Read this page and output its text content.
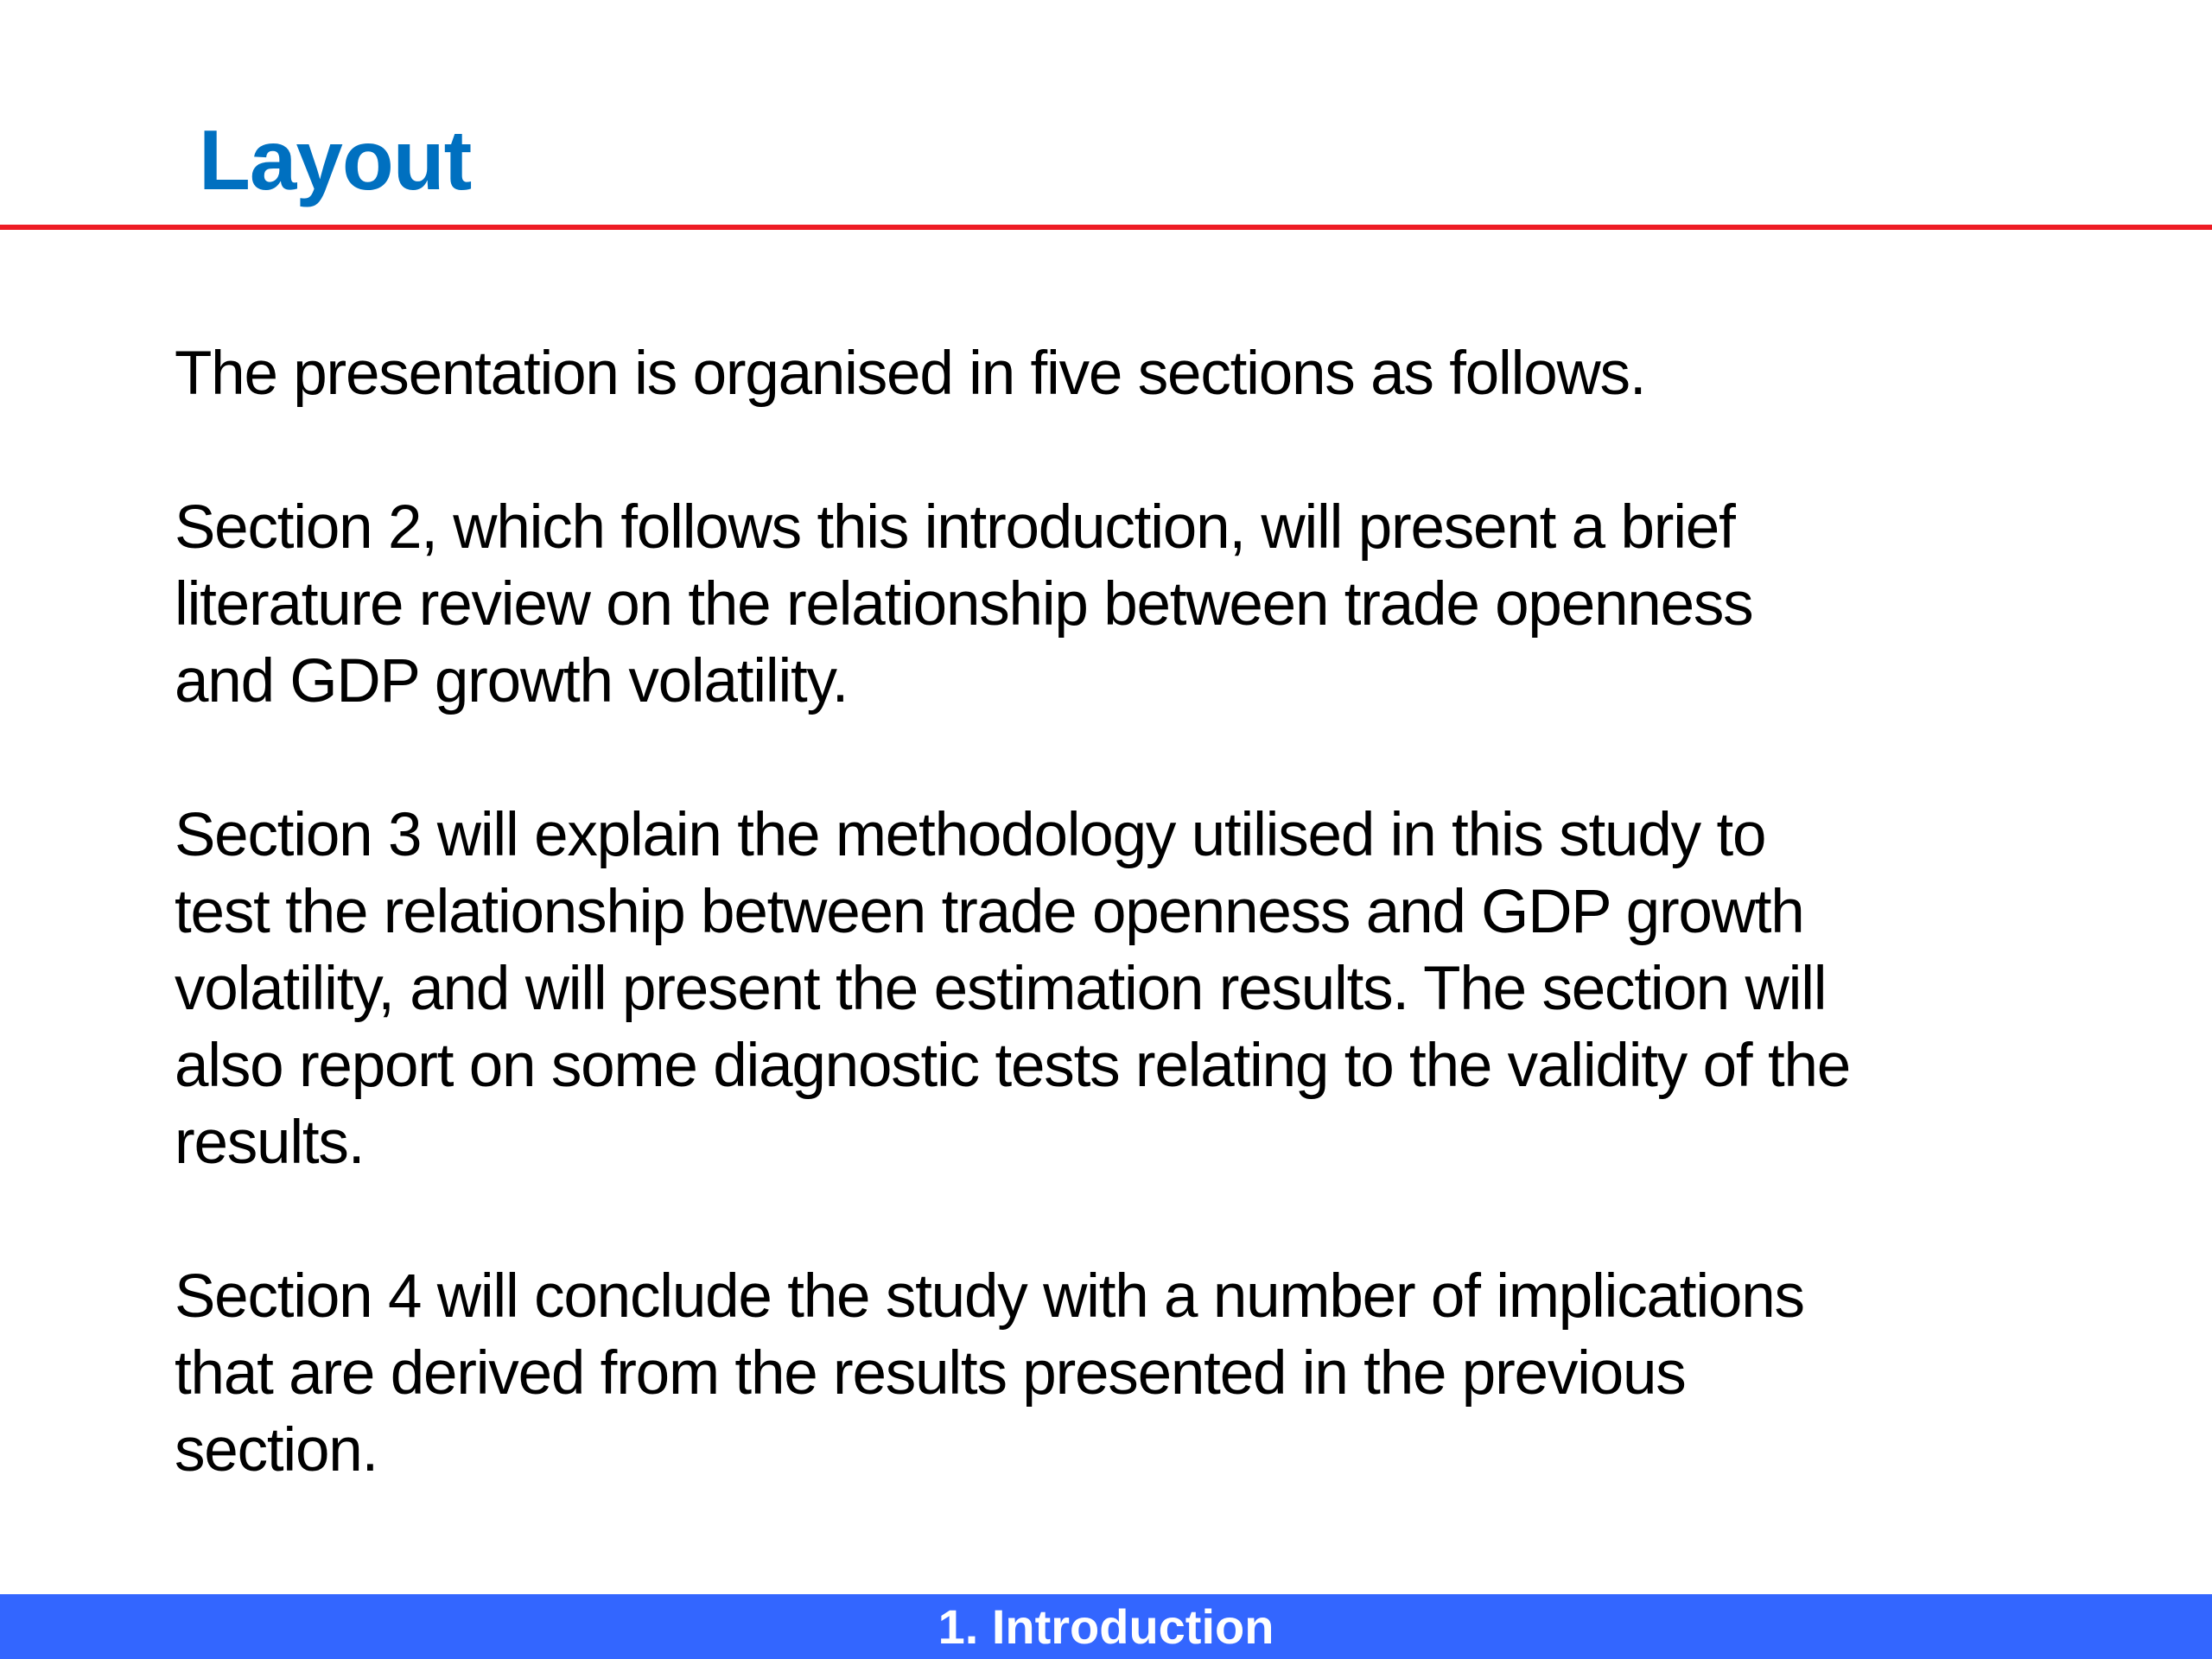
Layout

The presentation is organised in five sections as follows.

Section 2, which follows this introduction, will present a brief
literature review on the relationship between trade openness
and GDP growth volatility.

Section 3 will explain the methodology utilised in this study to
test the relationship between trade openness and GDP growth
volatility, and will present the estimation results. The section will
also report on some diagnostic tests relating to the validity of the
results.

Section 4 will conclude the study with a number of implications
that are derived from the results presented in the previous
section.

1. Introduction
